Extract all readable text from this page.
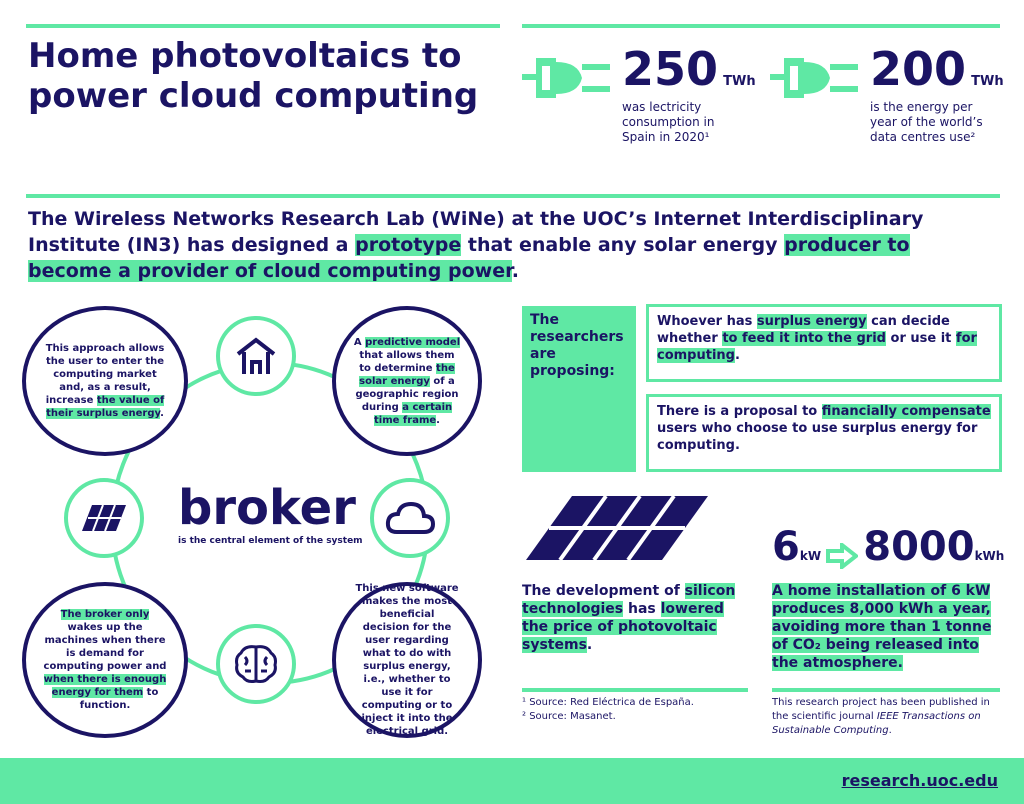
Home photovoltaics to power cloud computing	250 TWh
was lectricity consumption in Spain in 2020¹
200 TWh
is the energy per year of the world’s data centres use²
The Wireless Networks Research Lab (WiNe) at the UOC’s Internet Interdisciplinary Institute (IN3) has designed a prototype that enable any solar energy producer to become a provider of cloud computing power.
This approach allows the user to enter the computing market and, as a result, increase the value of their surplus energy.
A predictive model that allows them to determine the solar energy of a geographic region during a certain time frame.
The broker only wakes up the machines when there is demand for computing power and when there is enough energy for them to function.
This new software makes the most beneficial decision for the user regarding what to do with surplus energy, i.e., whether to use it for computing or to inject it into the electrical grid.
broker
is the central element of the system
The researchers are proposing:
Whoever has surplus energy can decide whether to feed it into the grid or use it for computing.
There is a proposal to financially compensate users who choose to use surplus energy for computing.
The development of silicon technologies has lowered the price of photovoltaic systems.
6kW 8000kWh
A home installation of 6 kW produces 8,000 kWh a year, avoiding more than 1 tonne of CO₂ being released into the atmosphere.
¹ Source: Red Eléctrica de España.
² Source: Masanet.
This research project has been published in the scientific journal IEEE Transactions on Sustainable Computing.
research.uoc.edu
